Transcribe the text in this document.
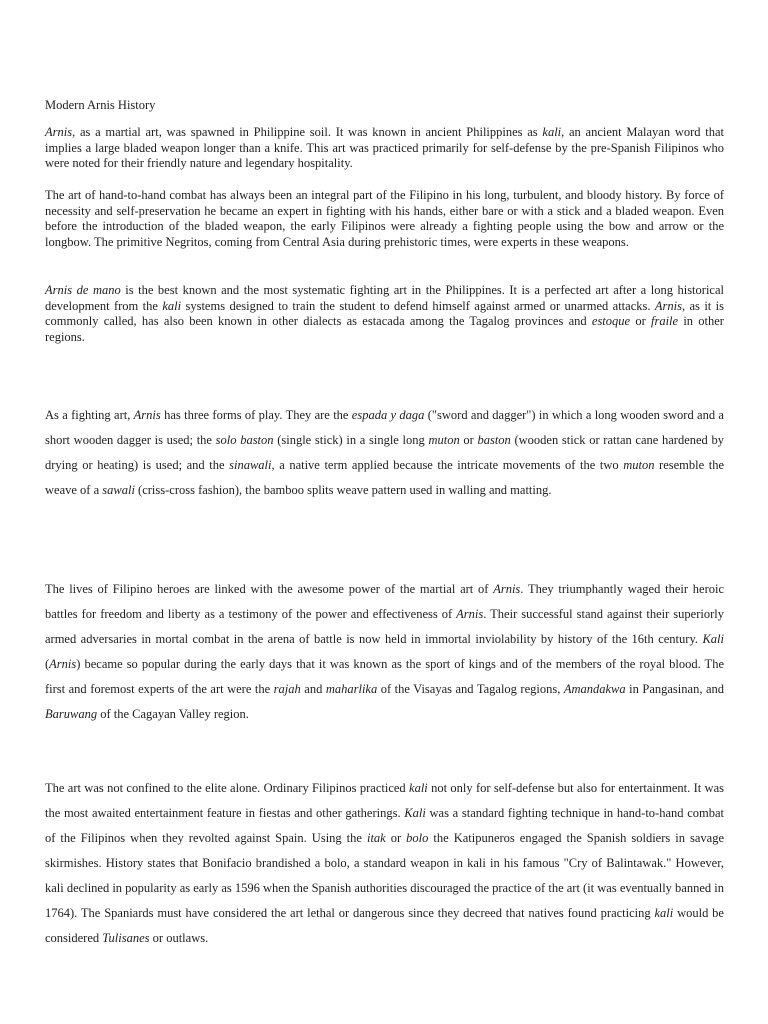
Modern Arnis History

Arnis, as a martial art, was spawned in Philippine soil. It was known in ancient Philippines as kali, an ancient Malayan word that implies a large bladed weapon longer than a knife. This art was practiced primarily for self-defense by the pre-Spanish Filipinos who were noted for their friendly nature and legendary hospitality.

The art of hand-to-hand combat has always been an integral part of the Filipino in his long, turbulent, and bloody history. By force of necessity and self-preservation he became an expert in fighting with his hands, either bare or with a stick and a bladed weapon. Even before the introduction of the bladed weapon, the early Filipinos were already a fighting people using the bow and arrow or the longbow. The primitive Negritos, coming from Central Asia during prehistoric times, were experts in these weapons.

Arnis de mano is the best known and the most systematic fighting art in the Philippines. It is a perfected art after a long historical development from the kali systems designed to train the student to defend himself against armed or unarmed attacks. Arnis, as it is commonly called, has also been known in other dialects as estacada among the Tagalog provinces and estoque or fraile in other regions.

As a fighting art, Arnis has three forms of play. They are the espada y daga ("sword and dagger") in which a long wooden sword and a short wooden dagger is used; the solo baston (single stick) in a single long muton or baston (wooden stick or rattan cane hardened by drying or heating) is used; and the sinawali, a native term applied because the intricate movements of the two muton resemble the weave of a sawali (criss-cross fashion), the bamboo splits weave pattern used in walling and matting.

The lives of Filipino heroes are linked with the awesome power of the martial art of Arnis. They triumphantly waged their heroic battles for freedom and liberty as a testimony of the power and effectiveness of Arnis. Their successful stand against their superiorly armed adversaries in mortal combat in the arena of battle is now held in immortal inviolability by history of the 16th century. Kali (Arnis) became so popular during the early days that it was known as the sport of kings and of the members of the royal blood. The first and foremost experts of the art were the rajah and maharlika of the Visayas and Tagalog regions, Amandakwa in Pangasinan, and Baruwang of the Cagayan Valley region.

The art was not confined to the elite alone. Ordinary Filipinos practiced kali not only for self-defense but also for entertainment. It was the most awaited entertainment feature in fiestas and other gatherings. Kali was a standard fighting technique in hand-to-hand combat of the Filipinos when they revolted against Spain. Using the itak or bolo the Katipuneros engaged the Spanish soldiers in savage skirmishes. History states that Bonifacio brandished a bolo, a standard weapon in kali in his famous "Cry of Balintawak." However, kali declined in popularity as early as 1596 when the Spanish authorities discouraged the practice of the art (it was eventually banned in 1764). The Spaniards must have considered the art lethal or dangerous since they decreed that natives found practicing kali would be considered Tulisanes or outlaws.
